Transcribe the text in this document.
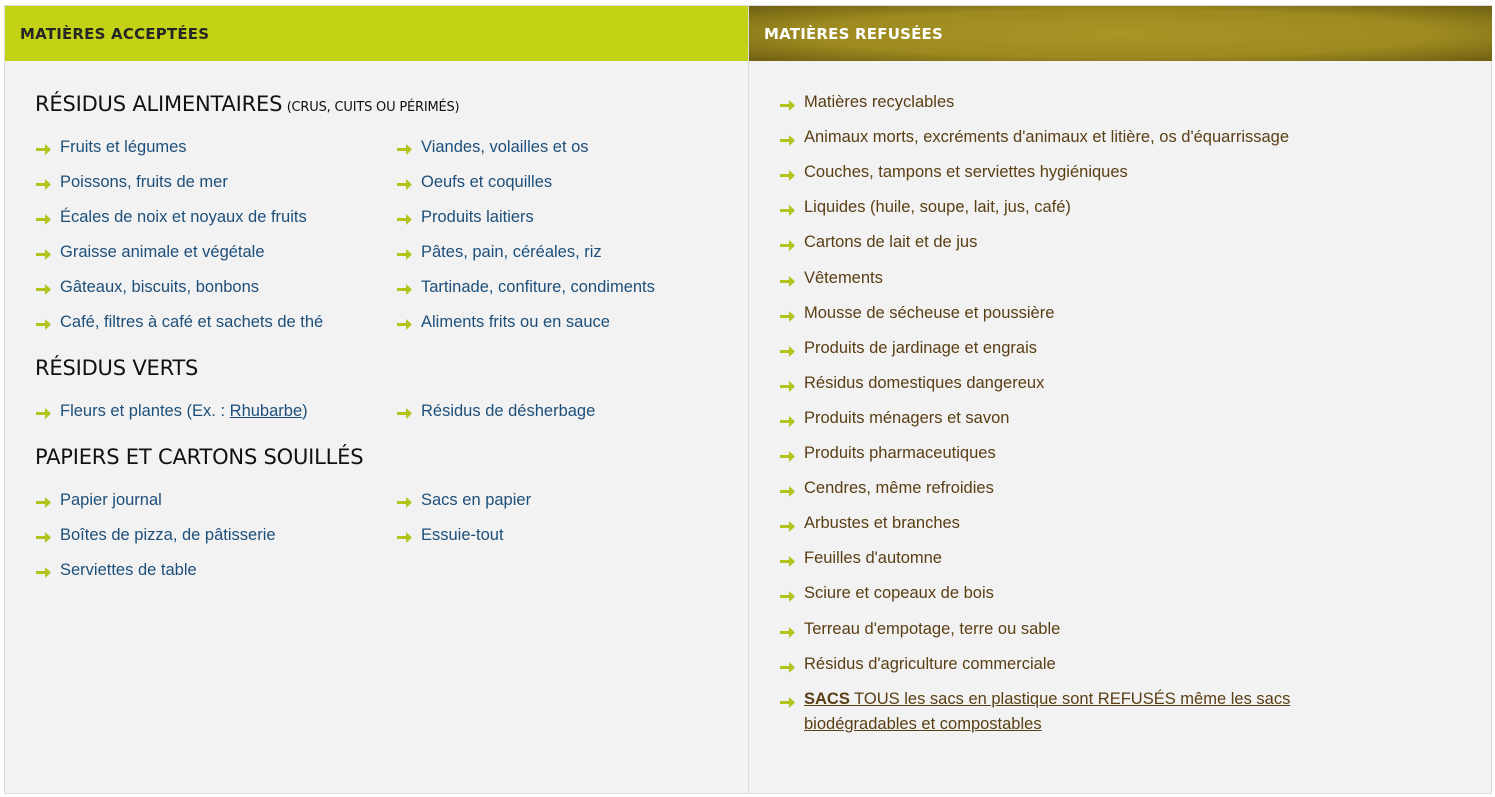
MATIÈRES ACCEPTÉES
RÉSIDUS ALIMENTAIRES (CRUS, CUITS OU PÉRIMÉS)
Fruits et légumes	Viandes, volailles et os
Poissons, fruits de mer	Oeufs et coquilles
Écales de noix et noyaux de fruits	Produits laitiers
Graisse animale et végétale	Pâtes, pain, céréales, riz
Gâteaux, biscuits, bonbons	Tartinade, confiture, condiments
Café, filtres à café et sachets de thé	Aliments frits ou en sauce
RÉSIDUS VERTS
Fleurs et plantes (Ex. : Rhubarbe)	Résidus de désherbage
PAPIERS ET CARTONS SOUILLÉS
Papier journal	Sacs en papier
Boîtes de pizza, de pâtisserie	Essuie-tout
Serviettes de table
MATIÈRES REFUSÉES
Matières recyclables
Animaux morts, excréments d'animaux et litière, os d'équarrissage
Couches, tampons et serviettes hygiéniques
Liquides (huile, soupe, lait, jus, café)
Cartons de lait et de jus
Vêtements
Mousse de sécheuse et poussière
Produits de jardinage et engrais
Résidus domestiques dangereux
Produits ménagers et savon
Produits pharmaceutiques
Cendres, même refroidies
Arbustes et branches
Feuilles d'automne
Sciure et copeaux de bois
Terreau d'empotage, terre ou sable
Résidus d'agriculture commerciale
SACS TOUS les sacs en plastique sont REFUSÉS même les sacs biodégradables et compostables
